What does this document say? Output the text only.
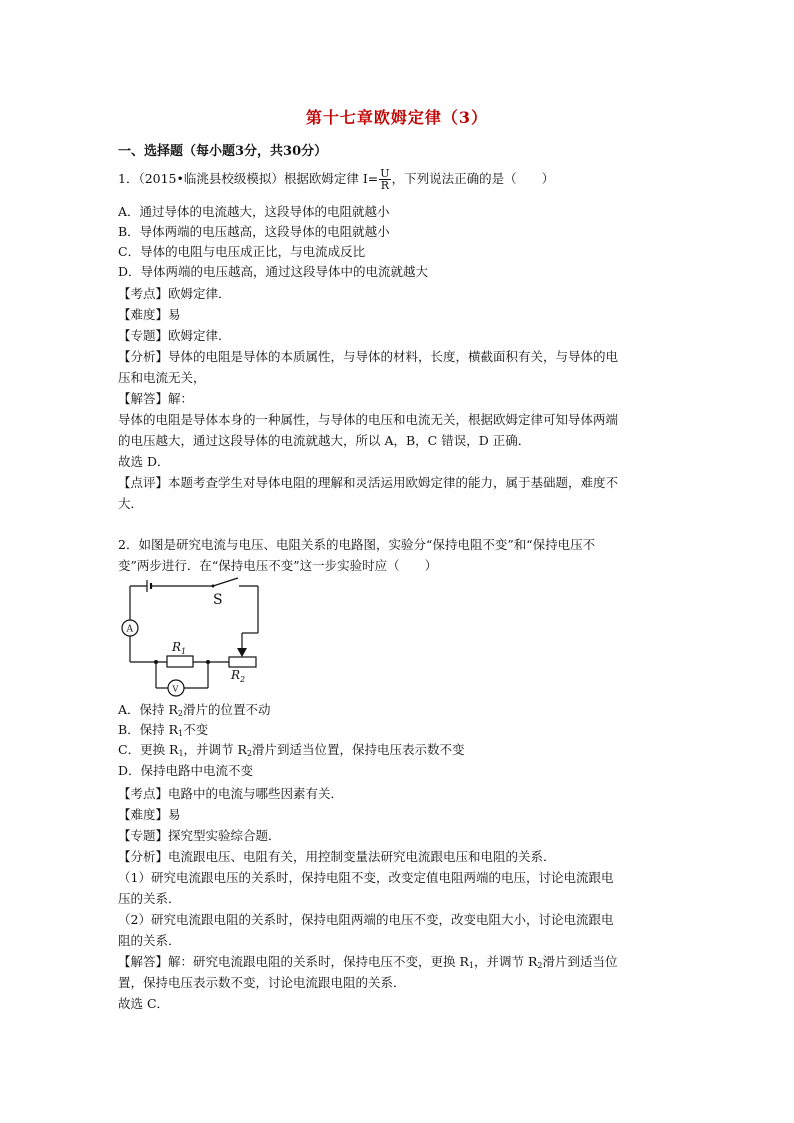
第十七章欧姆定律（3）
一、选择题（每小题3分，共30分）
1．（2015•临洮县校级模拟）根据欧姆定律 $I= \frac{U}{R}$ ，下列说法正确的是（　　）
A．通过导体的电流越大，这段导体的电阻就越小
B．导体两端的电压越高，这段导体的电阻就越小
C．导体的电阻与电压成正比，与电流成反比
D．导体两端的电压越高，通过这段导体中的电流就越大
【考点】欧姆定律．
【难度】易
【专题】欧姆定律．
【分析】导体的电阻是导体的本质属性，与导体的材料，长度，横截面积有关，与导体的电
压和电流无关，
【解答】解：
导体的电阻是导体本身的一种属性，与导体的电压和电流无关，根据欧姆定律可知导体两端
的电压越大，通过这段导体的电流就越大，所以 A，B，C 错误，D 正确．
故选 D．
【点评】本题考查学生对导体电阻的理解和灵活运用欧姆定律的能力，属于基础题，难度不
大．
2．如图是研究电流与电压、电阻关系的电路图，实验分“保持电阻不变”和“保持电压不
变”两步进行．在“保持电压不变”这一步实验时应（　　）
S
A
V
$R_1$
$R_2$
A．保持 $R_2$滑片的位置不动
B．保持 $R_1$不变
C．更换 $R_1$，并调节 $R_2$滑片到适当位置，保持电压表示数不变
D．保持电路中电流不变
【考点】电路中的电流与哪些因素有关．
【难度】易
【专题】探究型实验综合题．
【分析】电流跟电压、电阻有关，用控制变量法研究电流跟电压和电阻的关系．
（1）研究电流跟电压的关系时，保持电阻不变，改变定值电阻两端的电压，讨论电流跟电
压的关系．
（2）研究电流跟电阻的关系时，保持电阻两端的电压不变，改变电阻大小，讨论电流跟电
阻的关系．
【解答】解：研究电流跟电阻的关系时，保持电压不变，更换 $R_1$，并调节 $R_2$滑片到适当位
置，保持电压表示数不变，讨论电流跟电阻的关系．
故选 C．
